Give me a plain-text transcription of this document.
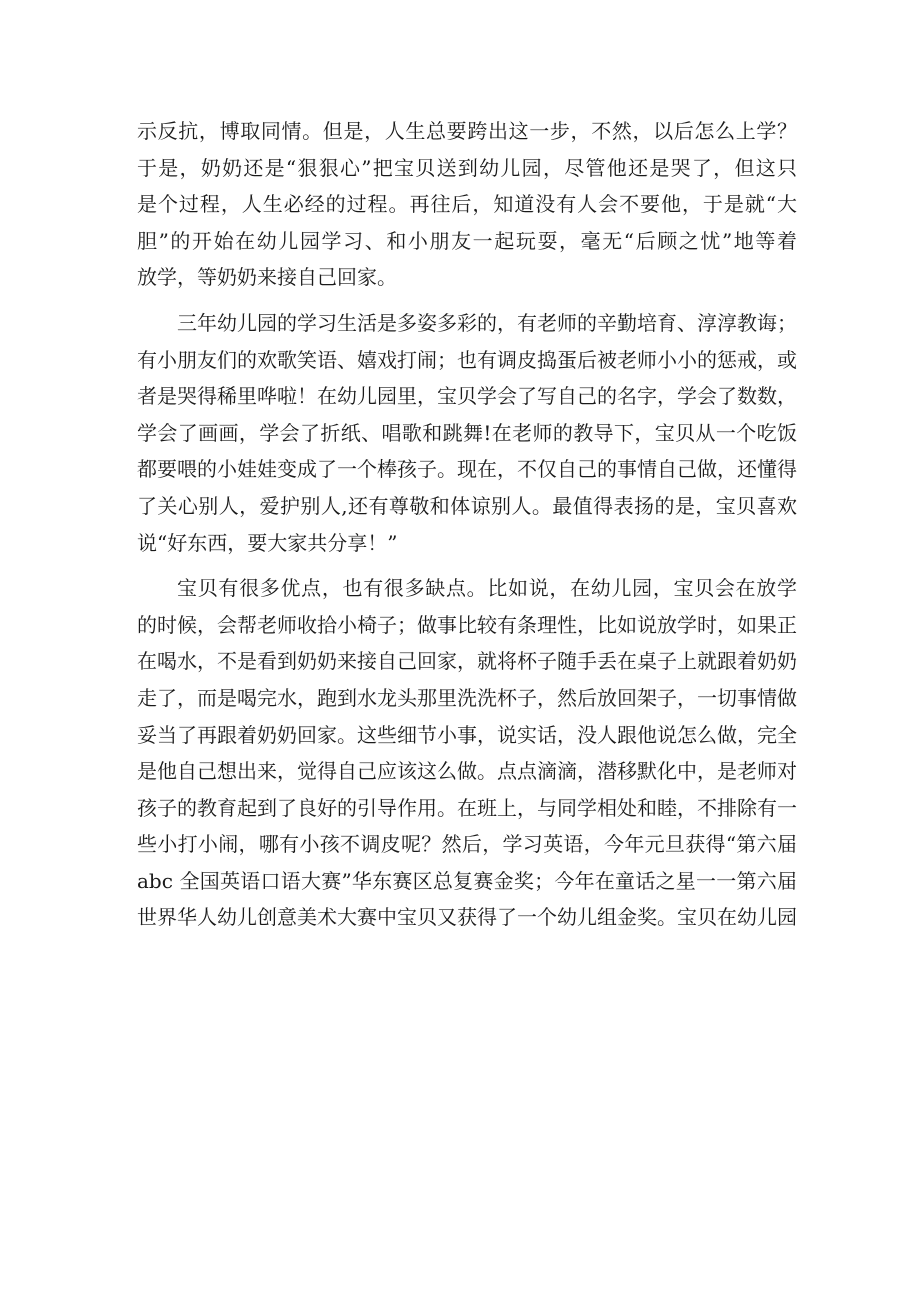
示反抗，博取同情。但是，人生总要跨出这一步，不然，以后怎么上学？
于是，奶奶还是“狠狠心”把宝贝送到幼儿园，尽管他还是哭了，但这只
是个过程，人生必经的过程。再往后，知道没有人会不要他，于是就“大
胆”的开始在幼儿园学习、和小朋友一起玩耍，毫无“后顾之忧”地等着
放学，等奶奶来接自己回家。
三年幼儿园的学习生活是多姿多彩的，有老师的辛勤培育、淳淳教诲；
有小朋友们的欢歌笑语、嬉戏打闹；也有调皮捣蛋后被老师小小的惩戒，或
者是哭得稀里哗啦！在幼儿园里，宝贝学会了写自己的名字，学会了数数，
学会了画画，学会了折纸、唱歌和跳舞!在老师的教导下，宝贝从一个吃饭
都要喂的小娃娃变成了一个棒孩子。现在，不仅自己的事情自己做，还懂得
了关心别人，爱护别人,还有尊敬和体谅别人。最值得表扬的是，宝贝喜欢
说“好东西，要大家共分享！”
宝贝有很多优点，也有很多缺点。比如说，在幼儿园，宝贝会在放学
的时候，会帮老师收拾小椅子；做事比较有条理性，比如说放学时，如果正
在喝水，不是看到奶奶来接自己回家，就将杯子随手丢在桌子上就跟着奶奶
走了，而是喝完水，跑到水龙头那里洗洗杯子，然后放回架子，一切事情做
妥当了再跟着奶奶回家。这些细节小事，说实话，没人跟他说怎么做，完全
是他自己想出来，觉得自己应该这么做。点点滴滴，潜移默化中，是老师对
孩子的教育起到了良好的引导作用。在班上，与同学相处和睦，不排除有一
些小打小闹，哪有小孩不调皮呢？然后，学习英语，今年元旦获得“第六届
abc 全国英语口语大赛”华东赛区总复赛金奖；今年在童话之星一一第六届
世界华人幼儿创意美术大赛中宝贝又获得了一个幼儿组金奖。宝贝在幼儿园
